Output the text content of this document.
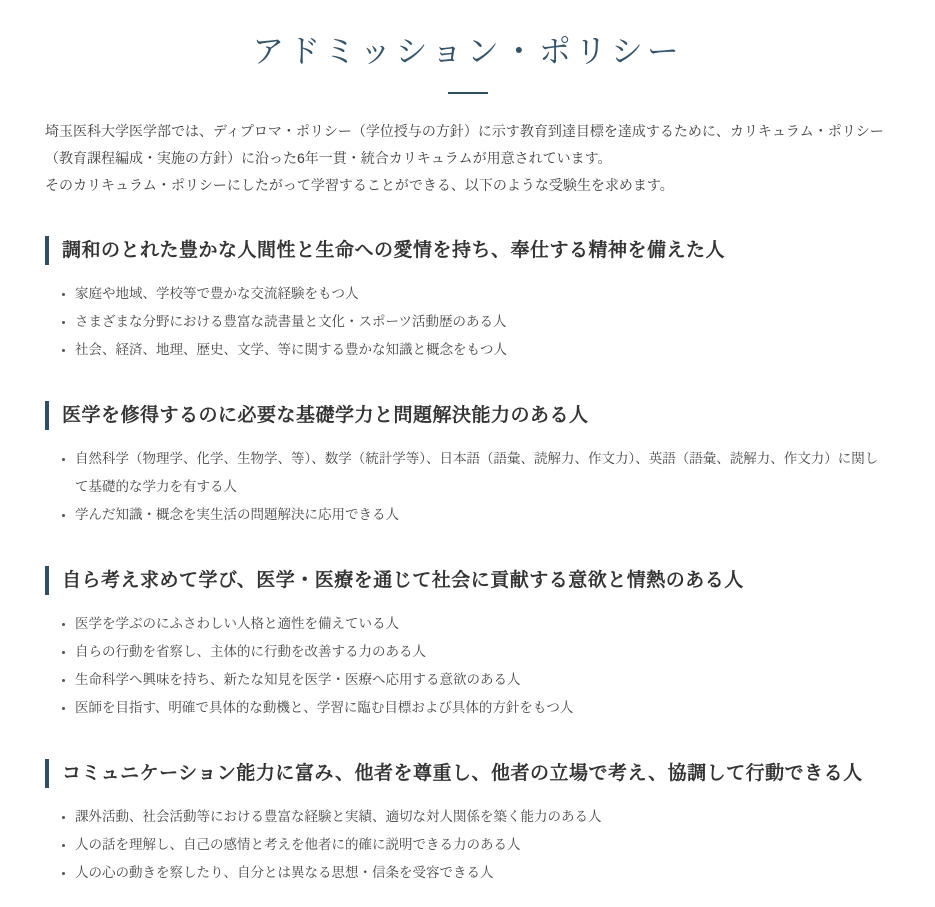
アドミッション・ポリシー

埼玉医科大学医学部では、ディプロマ・ポリシー（学位授与の方針）に示す教育到達目標を達成するために、カリキュラム・ポリシー（教育課程編成・実施の方針）に沿った6年一貫・統合カリキュラムが用意されています。

そのカリキュラム・ポリシーにしたがって学習することができる、以下のような受験生を求めます。

調和のとれた豊かな人間性と生命への愛情を持ち、奉仕する精神を備えた人
• 家庭や地域、学校等で豊かな交流経験をもつ人
• さまざまな分野における豊富な読書量と文化・スポーツ活動歴のある人
• 社会、経済、地理、歴史、文学、等に関する豊かな知識と概念をもつ人
医学を修得するのに必要な基礎学力と問題解決能力のある人
• 自然科学（物理学、化学、生物学、等）、数学（統計学等）、日本語（語彙、読解力、作文力）、英語（語彙、読解力、作文力）に関して基礎的な学力を有する人
• 学んだ知識・概念を実生活の問題解決に応用できる人
自ら考え求めて学び、医学・医療を通じて社会に貢献する意欲と情熱のある人
• 医学を学ぶのにふさわしい人格と適性を備えている人
• 自らの行動を省察し、主体的に行動を改善する力のある人
• 生命科学へ興味を持ち、新たな知見を医学・医療へ応用する意欲のある人
• 医師を目指す、明確で具体的な動機と、学習に臨む目標および具体的方針をもつ人
コミュニケーション能力に富み、他者を尊重し、他者の立場で考え、協調して行動できる人
• 課外活動、社会活動等における豊富な経験と実績、適切な対人関係を築く能力のある人
• 人の話を理解し、自己の感情と考えを他者に的確に説明できる力のある人
• 人の心の動きを察したり、自分とは異なる思想・信条を受容できる人
